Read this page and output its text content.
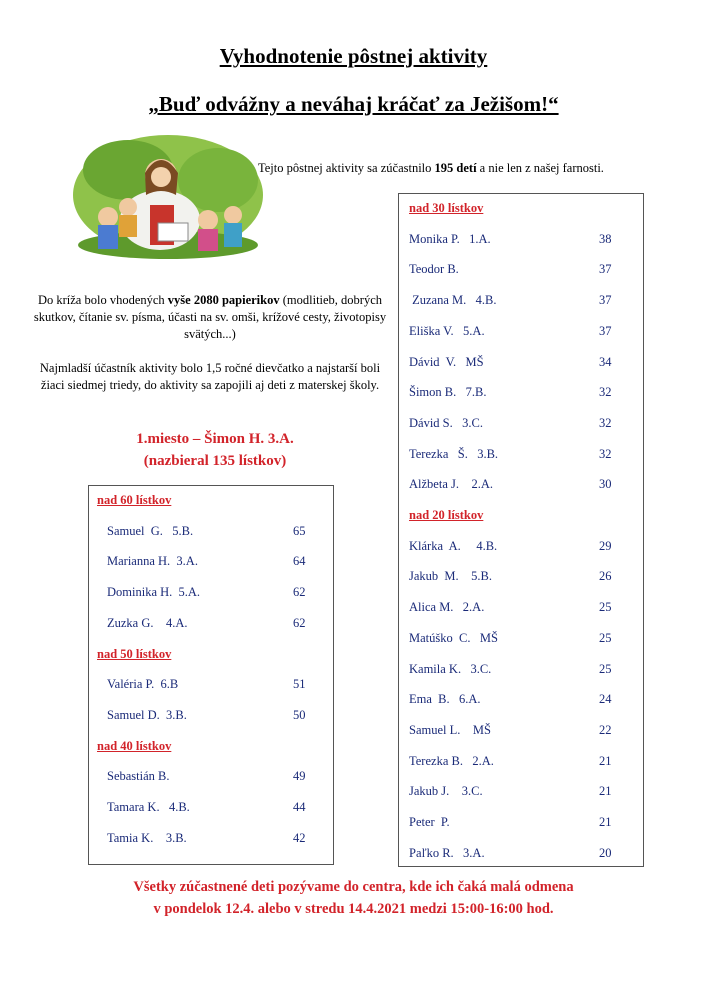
Vyhodnotenie pôstnej aktivity
„Buď odvážny a neváhaj kráčať za Ježišom!“
Tejto pôstnej aktivity sa zúčastnilo 195 detí a nie len z našej farnosti.
Do kríža bolo vhodených vyše 2080 papierikov (modlitieb, dobrých skutkov, čítanie sv. písma, účasti na sv. omši, krížové cesty, životopisy svätých...)
Najmladší účastník aktivity bolo 1,5 ročné dievčatko a najstarší boli žiaci siedmej triedy, do aktivity sa zapojili aj deti z materskej školy.
1.miesto – Šimon H. 3.A.
(nazbieral 135 lístkov)
nad 60 lístkov
Samuel  G.   5.B.	65
Marianna H.  3.A.	64
Dominika H.  5.A.	62
Zuzka G.    4.A.	62
nad 50 lístkov
Valéria P.  6.B	51
Samuel D.  3.B.	50
nad 40 lístkov
Sebastián B.	49
Tamara K.   4.B.	44
Tamia K.    3.B.	42
nad 30 lístkov
Monika P.   1.A.	38
Teodor B.	37
Zuzana M.   4.B.	37
Eliška V.   5.A.	37
Dávid  V.   MŠ	34
Šimon B.   7.B.	32
Dávid S.   3.C.	32
Terezka   Š.   3.B.	32
Alžbeta J.    2.A.	30
nad 20 lístkov
Klárka  A.     4.B.	29
Jakub  M.    5.B.	26
Alica M.   2.A.	25
Matúško  C.   MŠ	25
Kamila K.   3.C.	25
Ema  B.   6.A.	24
Samuel L.    MŠ	22
Terezka B.   2.A.	21
Jakub J.    3.C.	21
Peter  P.	21
Paľko R.   3.A.	20
Všetky zúčastnené deti pozývame do centra, kde ich čaká malá odmena
v pondelok 12.4. alebo v stredu 14.4.2021 medzi 15:00-16:00 hod.
